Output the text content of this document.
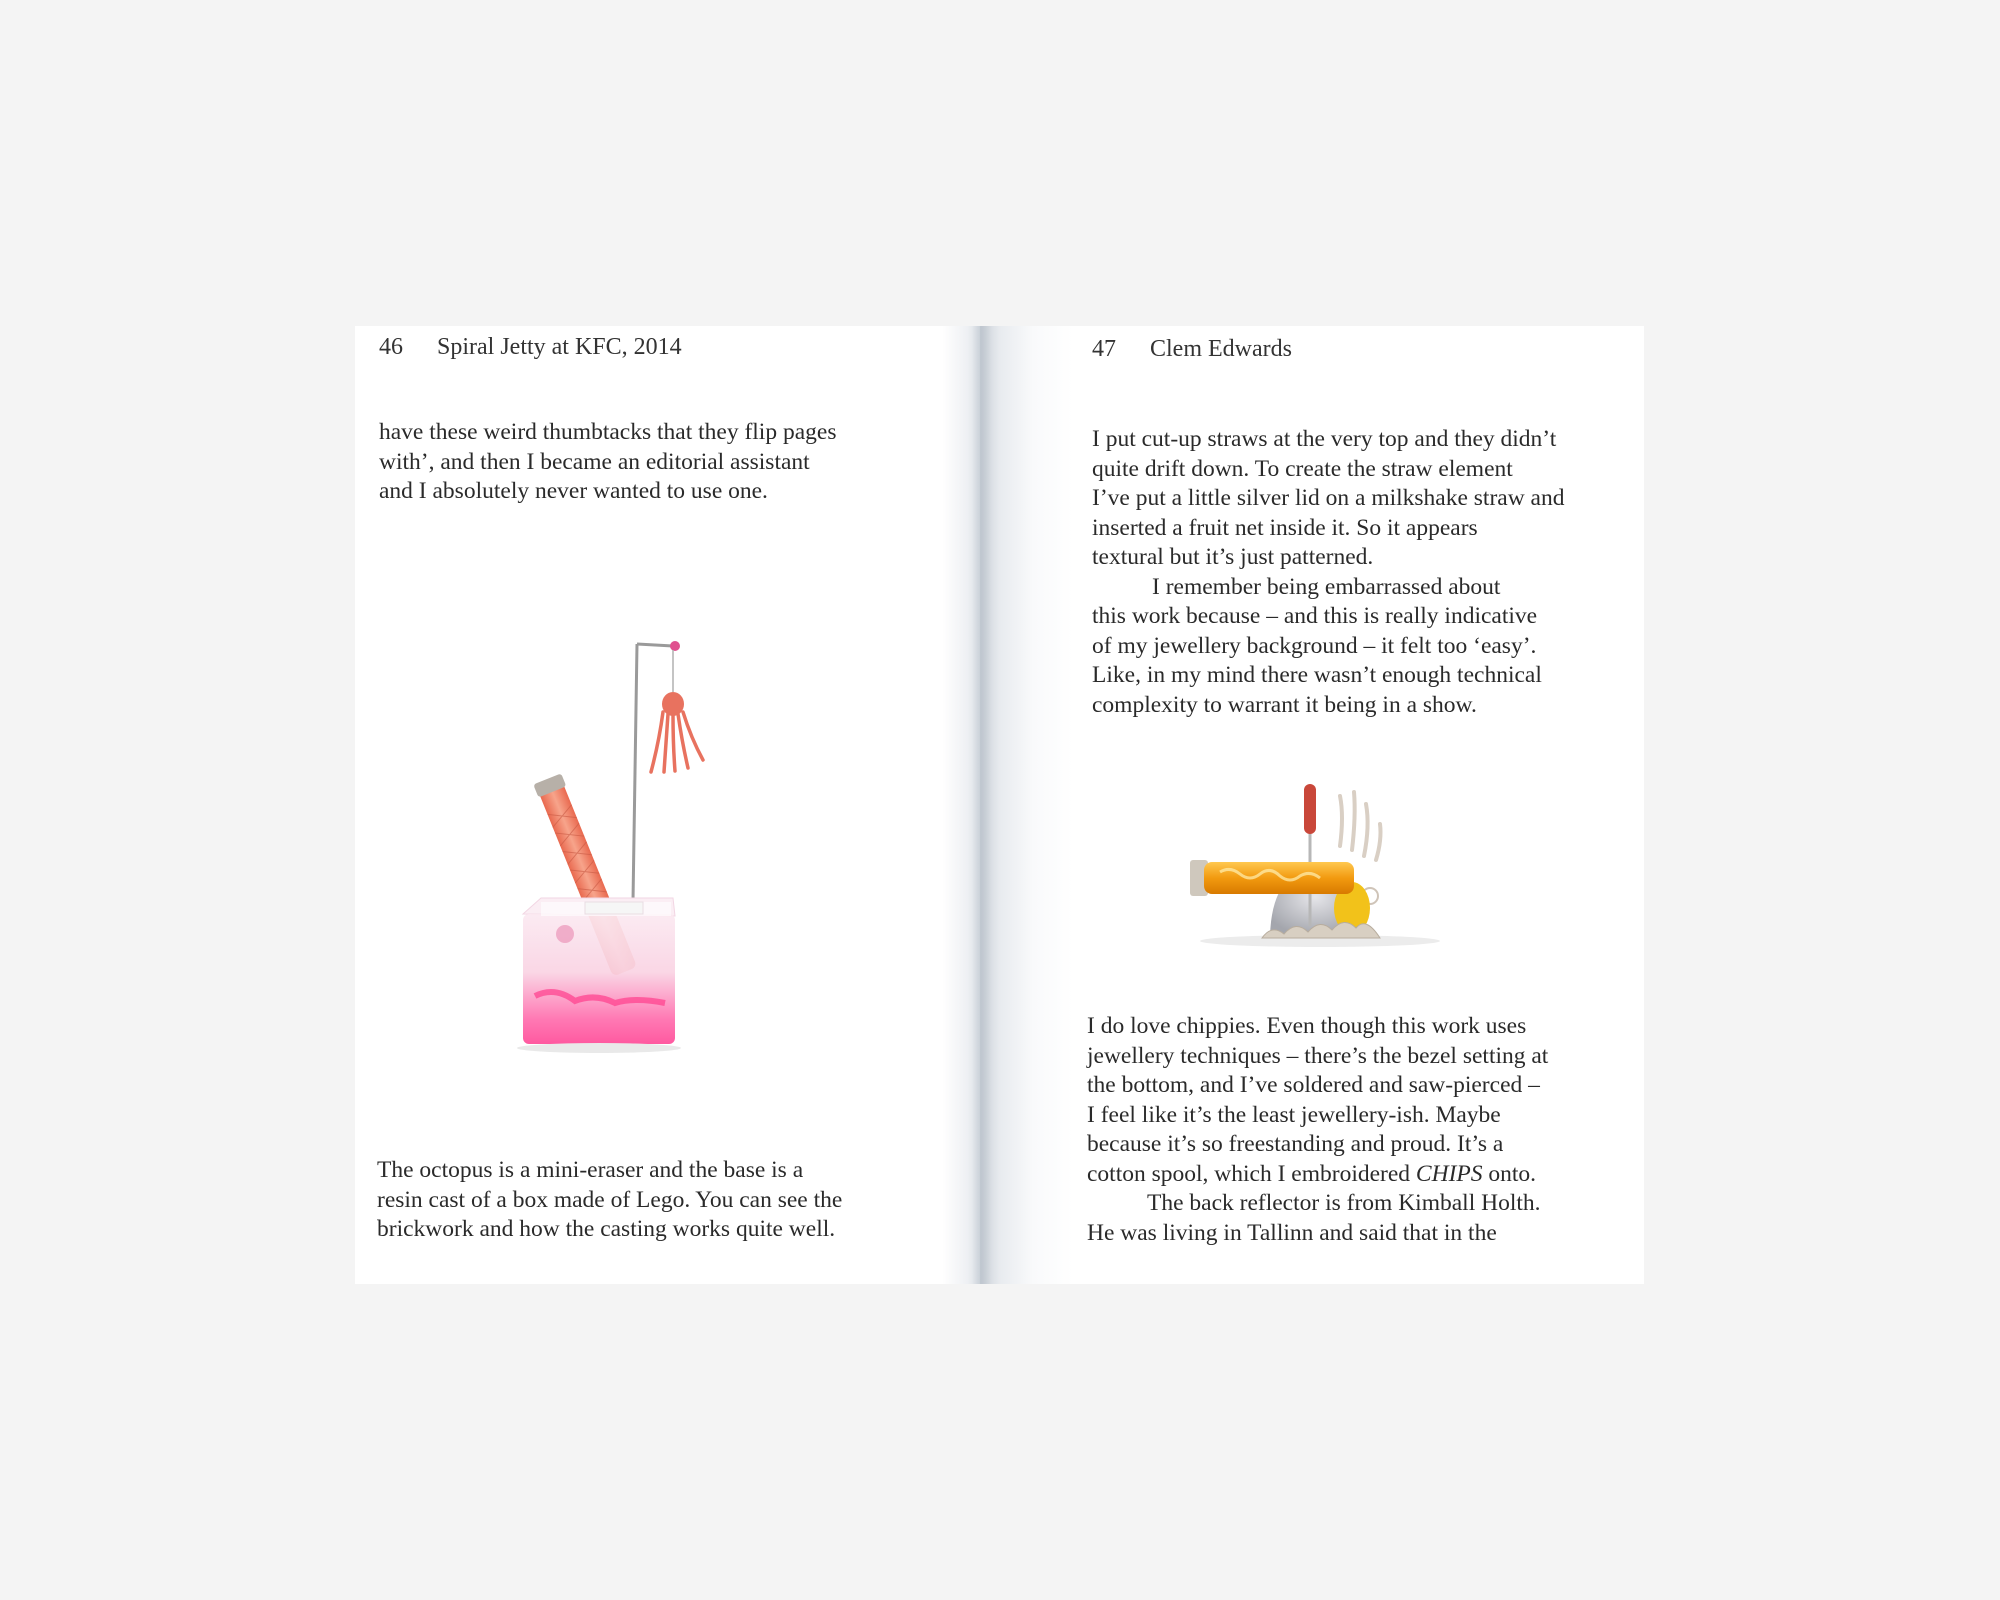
46 Spiral Jetty at KFC, 2014
have these weird thumbtacks that they flip pages
with’, and then I became an editorial assistant
and I absolutely never wanted to use one.
The octopus is a mini-eraser and the base is a
resin cast of a box made of Lego. You can see the
brickwork and how the casting works quite well.
47 Clem Edwards

I put cut-up straws at the very top and they didn’t
quite drift down. To create the straw element
I’ve put a little silver lid on a milkshake straw and
inserted a fruit net inside it. So it appears
textural but it’s just patterned.

I remember being embarrassed about
this work because – and this is really indicative
of my jewellery background – it felt too ‘easy’.
Like, in my mind there wasn’t enough technical
complexity to warrant it being in a show.

I do love chippies. Even though this work uses
jewellery techniques – there’s the bezel setting at
the bottom, and I’ve soldered and saw-pierced –
I feel like it’s the least jewellery-ish. Maybe
because it’s so freestanding and proud. It’s a
cotton spool, which I embroidered CHIPS onto.

The back reflector is from Kimball Holth.
He was living in Tallinn and said that in the
